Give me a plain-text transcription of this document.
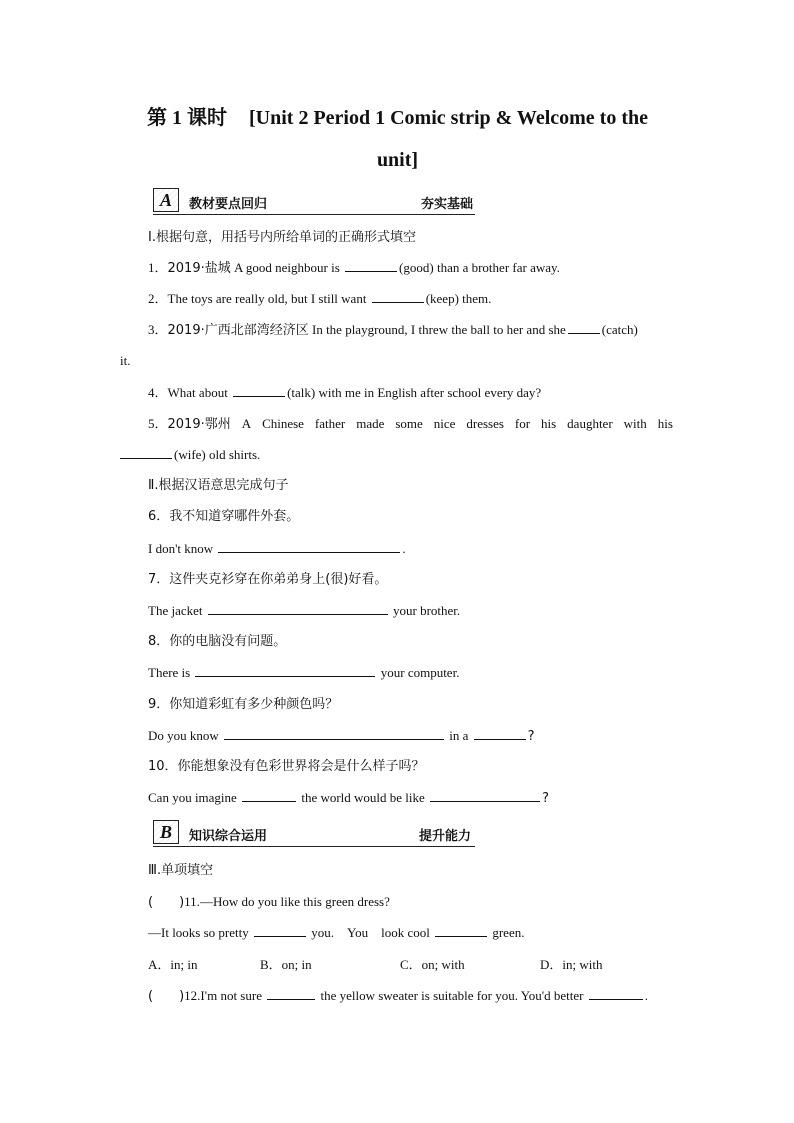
第 1 课时 [Unit 2 Period 1 Comic strip & Welcome to the
unit]
A	教材要点回归	夯实基础
Ⅰ.根据句意，用括号内所给单词的正确形式填空
1．2019·盐城 A good neighbour is	(good) than a brother far away.
2．The toys are really old, but I still want	(keep) them.
3．2019·广西北部湾经济区 In the playground, I threw the ball to her and she	(catch)
it.
4．What about	(talk) with me in English after school every day?
5．2019·鄂州 A Chinese father made some nice dresses for his daughter with his
(wife) old shirts.
Ⅱ.根据汉语意思完成句子
6．我不知道穿哪件外套。
I don't know	.
7．这件夹克衫穿在你弟弟身上(很)好看。
The jacket	your brother.
8．你的电脑没有问题。
There is	your computer.
9．你知道彩虹有多少种颜色吗？
Do you know	in a	?
10．你能想象没有色彩世界将会是什么样子吗？
Can you imagine	the world would be like	?
B	知识综合运用	提升能力
Ⅲ.单项填空
(　　)11.—How do you like this green dress?
—It looks so pretty	you.　You　look cool	green.
A．in; in	B．on; in	C．on; with	D．in; with
(　　)12.I'm not sure	the yellow sweater is suitable for you. You'd better	.
